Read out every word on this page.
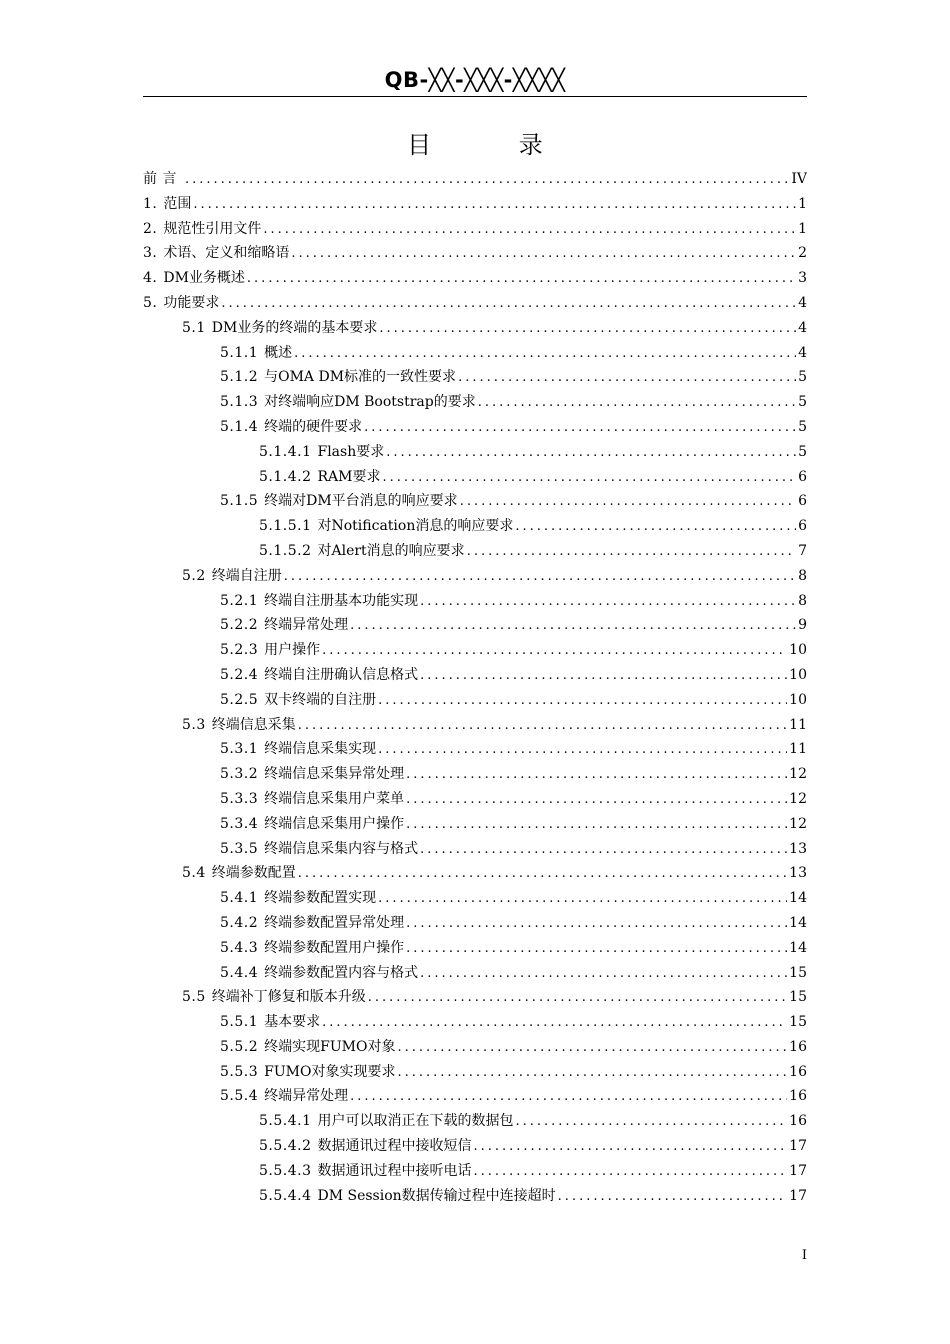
QB-╳╳-╳╳╳-╳╳╳╳
目 录
前 言 .....	IV
1. 范围 .....	1
2. 规范性引用文件 .....	1
3. 术语、定义和缩略语 .....	2
4. DM业务概述 .....	3
5. 功能要求 .....	4
5.1 DM业务的终端的基本要求 .....	4
5.1.1 概述 .....	4
5.1.2 与OMA DM标准的一致性要求 .....	5
5.1.3 对终端响应DM Bootstrap的要求 .....	5
5.1.4 终端的硬件要求 .....	5
5.1.4.1 Flash要求 .....	5
5.1.4.2 RAM要求 .....	6
5.1.5 终端对DM平台消息的响应要求 .....	6
5.1.5.1 对Notification消息的响应要求 .....	6
5.1.5.2 对Alert消息的响应要求 .....	7
5.2 终端自注册 .....	8
5.2.1 终端自注册基本功能实现 .....	8
5.2.2 终端异常处理 .....	9
5.2.3 用户操作 .....	10
5.2.4 终端自注册确认信息格式 .....	10
5.2.5 双卡终端的自注册 .....	10
5.3 终端信息采集 .....	11
5.3.1 终端信息采集实现 .....	11
5.3.2 终端信息采集异常处理 .....	12
5.3.3 终端信息采集用户菜单 .....	12
5.3.4 终端信息采集用户操作 .....	12
5.3.5 终端信息采集内容与格式 .....	13
5.4 终端参数配置 .....	13
5.4.1 终端参数配置实现 .....	14
5.4.2 终端参数配置异常处理 .....	14
5.4.3 终端参数配置用户操作 .....	14
5.4.4 终端参数配置内容与格式 .....	15
5.5 终端补丁修复和版本升级 .....	15
5.5.1 基本要求 .....	15
5.5.2 终端实现FUMO对象 .....	16
5.5.3 FUMO对象实现要求 .....	16
5.5.4 终端异常处理 .....	16
5.5.4.1 用户可以取消正在下载的数据包 .....	16
5.5.4.2 数据通讯过程中接收短信 .....	17
5.5.4.3 数据通讯过程中接听电话 .....	17
5.5.4.4 DM Session数据传输过程中连接超时 .....	17
I
